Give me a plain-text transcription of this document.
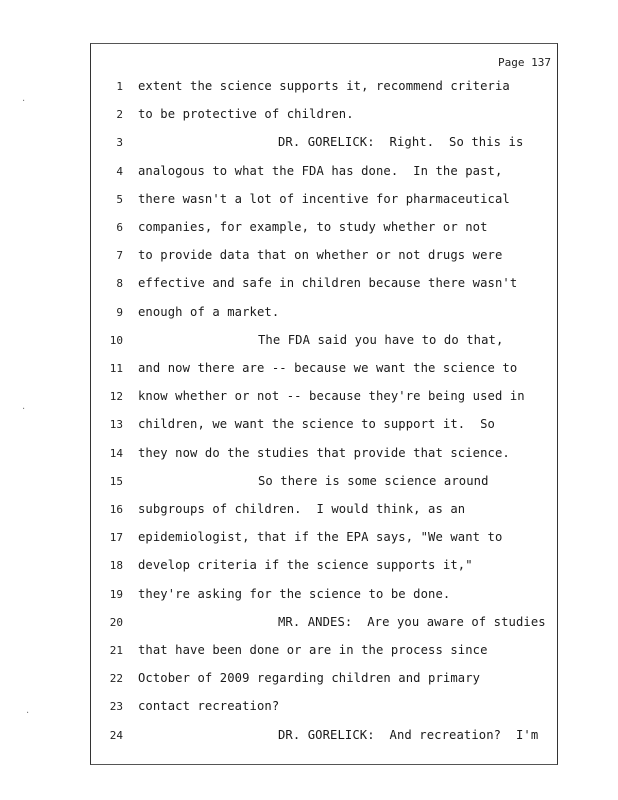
Page 137
1 extent the science supports it, recommend criteria
2 to be protective of children.
3	DR. GORELICK:  Right.  So this is
4 analogous to what the FDA has done.  In the past,
5 there wasn't a lot of incentive for pharmaceutical
6 companies, for example, to study whether or not
7 to provide data that on whether or not drugs were
8 effective and safe in children because there wasn't
9 enough of a market.
10	The FDA said you have to do that,
11 and now there are -- because we want the science to
12 know whether or not -- because they're being used in
13 children, we want the science to support it.  So
14 they now do the studies that provide that science.
15	So there is some science around
16 subgroups of children.  I would think, as an
17 epidemiologist, that if the EPA says, "We want to
18 develop criteria if the science supports it,"
19 they're asking for the science to be done.
20	MR. ANDES:  Are you aware of studies
21 that have been done or are in the process since
22 October of 2009 regarding children and primary
23 contact recreation?
24	DR. GORELICK:  And recreation?  I'm
·
·
·
